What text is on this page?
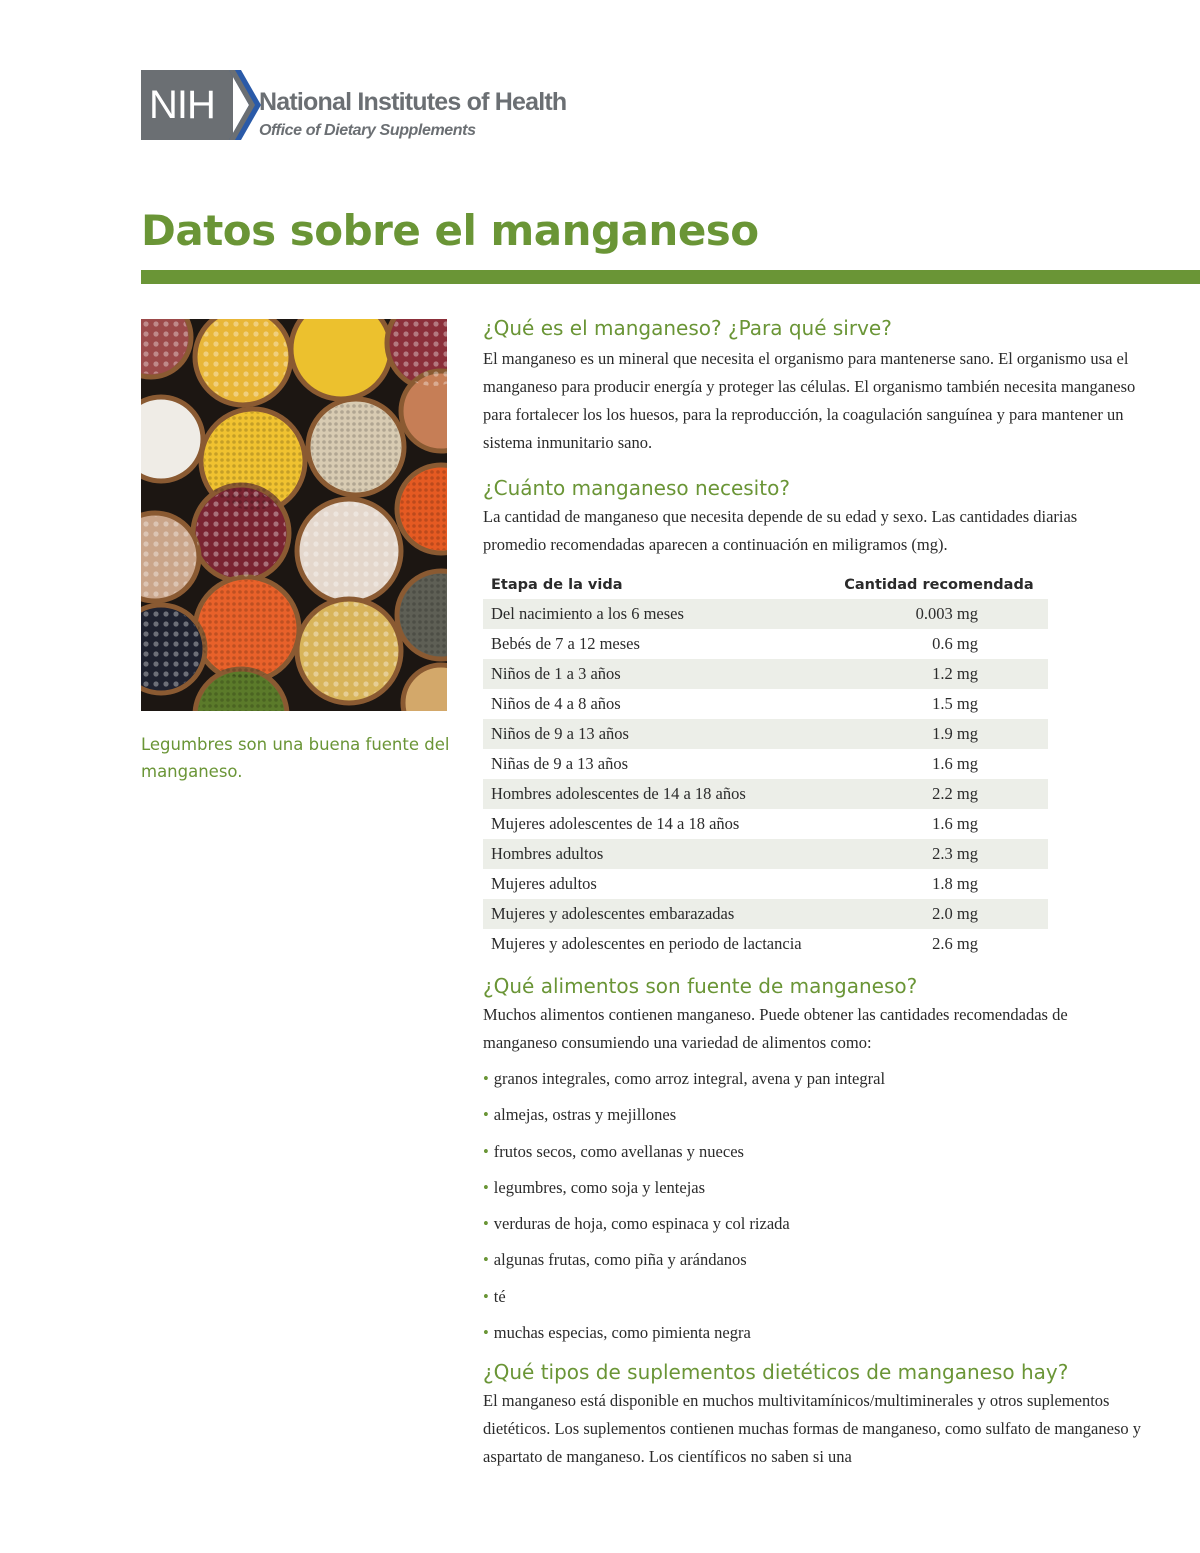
NIH	National Institutes of Health
Office of Dietary Supplements
Datos sobre el manganeso
Legumbres son una buena fuente del manganeso.
¿Qué es el manganeso? ¿Para qué sirve?

El manganeso es un mineral que necesita el organismo para mantenerse sano. El organismo usa el manganeso para producir energía y proteger las células. El organismo también necesita manganeso para fortalecer los los huesos, para la reproducción, la coagulación sanguínea y para mantener un sistema inmunitario sano.

¿Cuánto manganeso necesito?

La cantidad de manganeso que necesita depende de su edad y sexo. Las cantidades diarias promedio recomendadas aparecen a continuación en miligramos (mg).

Etapa de la vida	Cantidad recomendada
Del nacimiento a los 6 meses	0.003 mg
Bebés de 7 a 12 meses	0.6 mg
Niños de 1 a 3 años	1.2 mg
Niños de 4 a 8 años	1.5 mg
Niños de 9 a 13 años	1.9 mg
Niñas de 9 a 13 años	1.6 mg
Hombres adolescentes de 14 a 18 años	2.2 mg
Mujeres adolescentes de 14 a 18 años	1.6 mg
Hombres adultos	2.3 mg
Mujeres adultos	1.8 mg
Mujeres y adolescentes embarazadas	2.0 mg
Mujeres y adolescentes en periodo de lactancia	2.6 mg
¿Qué alimentos son fuente de manganeso?

Muchos alimentos contienen manganeso. Puede obtener las cantidades recomendadas de manganeso consumiendo una variedad de alimentos como:

• granos integrales, como arroz integral, avena y pan integral
• almejas, ostras y mejillones
• frutos secos, como avellanas y nueces
• legumbres, como soja y lentejas
• verduras de hoja, como espinaca y col rizada
• algunas frutas, como piña y arándanos
• té
• muchas especias, como pimienta negra
¿Qué tipos de suplementos dietéticos de manganeso hay?

El manganeso está disponible en muchos multivitamínicos/multiminerales y otros suplementos dietéticos. Los suplementos contienen muchas formas de manganeso, como sulfato de manganeso y aspartato de manganeso. Los científicos no saben si una
